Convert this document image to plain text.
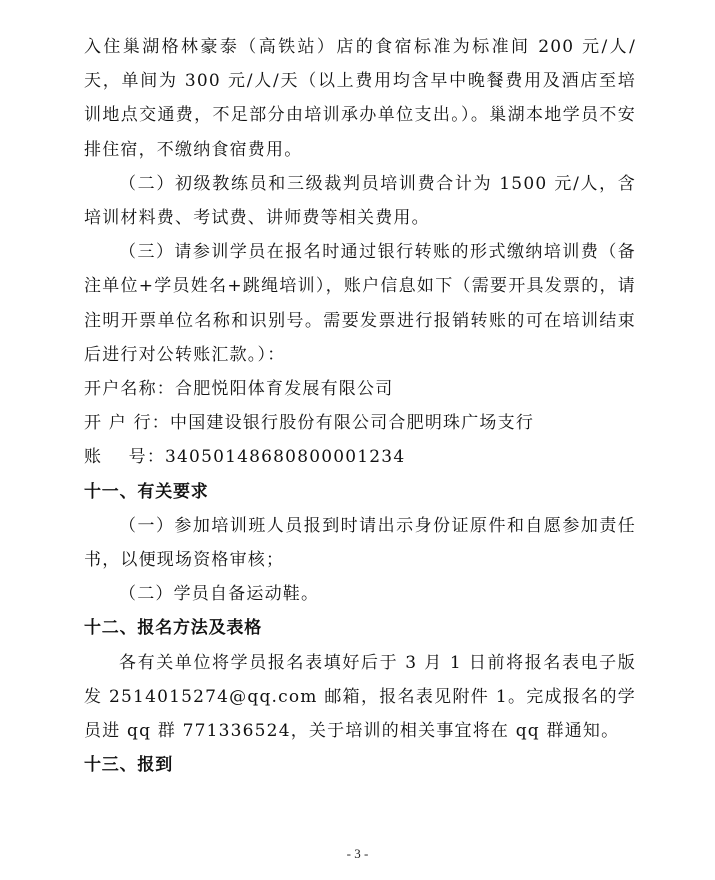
入住巢湖格林豪泰（高铁站）店的食宿标准为标准间 200 元/人/天，单间为 300 元/人/天（以上费用均含早中晚餐费用及酒店至培训地点交通费，不足部分由培训承办单位支出。）。巢湖本地学员不安排住宿，不缴纳食宿费用。

（二）初级教练员和三级裁判员培训费合计为 1500 元/人，含培训材料费、考试费、讲师费等相关费用。

（三）请参训学员在报名时通过银行转账的形式缴纳培训费（备注单位+学员姓名+跳绳培训），账户信息如下（需要开具发票的，请注明开票单位名称和识别号。需要发票进行报销转账的可在培训结束后进行对公转账汇款。）：

开户名称：合肥悦阳体育发展有限公司

开 户 行：中国建设银行股份有限公司合肥明珠广场支行

账    号：34050148680800001234

十一、有关要求

（一）参加培训班人员报到时请出示身份证原件和自愿参加责任书，以便现场资格审核；

（二）学员自备运动鞋。

十二、报名方法及表格

各有关单位将学员报名表填好后于 3 月 1 日前将报名表电子版发 2514015274@qq.com 邮箱，报名表见附件 1。完成报名的学员进 qq 群 771336524，关于培训的相关事宜将在 qq 群通知。

十三、报到

- 3 -
